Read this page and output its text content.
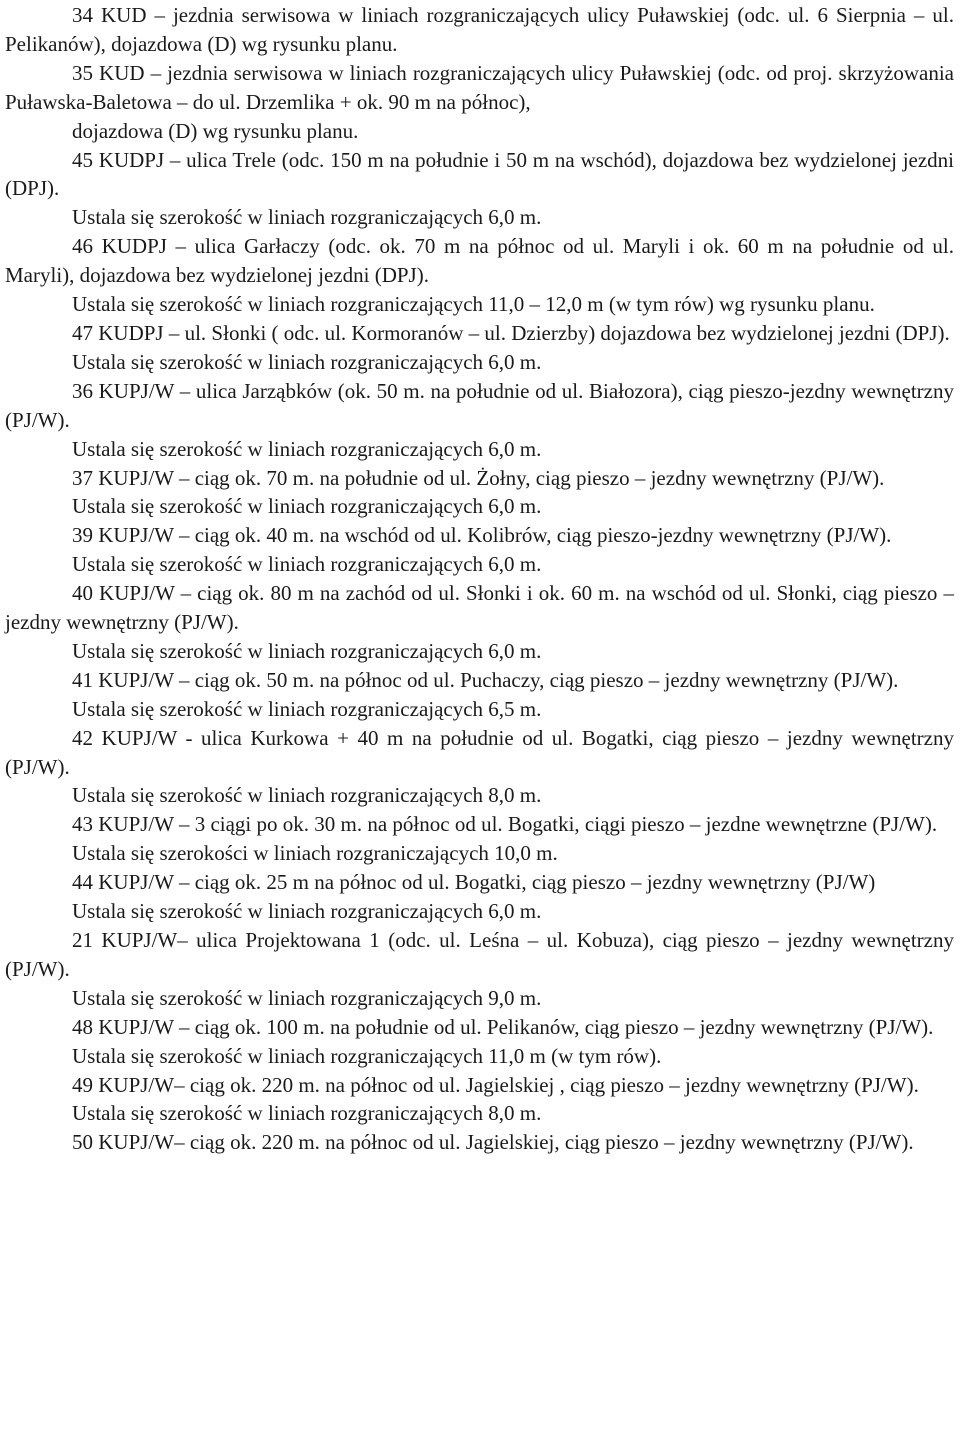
34 KUD – jezdnia serwisowa w liniach rozgraniczających ulicy Puławskiej (odc. ul. 6 Sierpnia – ul. Pelikanów), dojazdowa (D) wg rysunku planu.

35 KUD – jezdnia serwisowa w liniach rozgraniczających ulicy Puławskiej (odc. od proj. skrzyżowania Puławska-Baletowa – do ul. Drzemlika + ok. 90 m na północ),

dojazdowa (D) wg rysunku planu.

45 KUDPJ – ulica Trele (odc. 150 m na południe i 50 m na wschód), dojazdowa bez wydzielonej jezdni (DPJ).

Ustala się szerokość w liniach rozgraniczających 6,0 m.

46 KUDPJ – ulica Garłaczy (odc. ok. 70 m na północ od ul. Maryli i ok. 60 m na południe od ul. Maryli), dojazdowa bez wydzielonej jezdni (DPJ).

Ustala się szerokość w liniach rozgraniczających 11,0 – 12,0 m (w tym rów) wg rysunku planu.

47 KUDPJ – ul. Słonki ( odc. ul. Kormoranów – ul. Dzierzby) dojazdowa bez wydzielonej jezdni (DPJ).

Ustala się szerokość w liniach rozgraniczających 6,0 m.

36 KUPJ/W – ulica Jarząbków (ok. 50 m. na południe od ul. Białozora), ciąg pieszo-jezdny wewnętrzny (PJ/W).

Ustala się szerokość w liniach rozgraniczających 6,0 m.

37 KUPJ/W – ciąg ok. 70 m. na południe od ul. Żołny, ciąg pieszo – jezdny wewnętrzny (PJ/W).

Ustala się szerokość w liniach rozgraniczających 6,0 m.

39 KUPJ/W – ciąg ok. 40 m. na wschód od ul. Kolibrów, ciąg pieszo-jezdny wewnętrzny (PJ/W).

Ustala się szerokość w liniach rozgraniczających 6,0 m.

40 KUPJ/W – ciąg ok. 80 m na zachód od ul. Słonki i ok. 60 m. na wschód od ul. Słonki, ciąg pieszo – jezdny wewnętrzny (PJ/W).

Ustala się szerokość w liniach rozgraniczających 6,0 m.

41 KUPJ/W – ciąg ok. 50 m. na północ od ul. Puchaczy, ciąg pieszo – jezdny wewnętrzny (PJ/W).

Ustala się szerokość w liniach rozgraniczających 6,5 m.

42 KUPJ/W - ulica Kurkowa + 40 m na południe od ul. Bogatki, ciąg pieszo – jezdny wewnętrzny (PJ/W).

Ustala się szerokość w liniach rozgraniczających 8,0 m.

43 KUPJ/W – 3 ciągi po ok. 30 m. na północ od ul. Bogatki, ciągi pieszo – jezdne wewnętrzne (PJ/W).

Ustala się szerokości w liniach rozgraniczających 10,0 m.

44 KUPJ/W – ciąg ok. 25 m na północ od ul. Bogatki, ciąg pieszo – jezdny wewnętrzny (PJ/W)

Ustala się szerokość w liniach rozgraniczających 6,0 m.

21 KUPJ/W– ulica Projektowana 1 (odc. ul. Leśna – ul. Kobuza), ciąg pieszo – jezdny wewnętrzny (PJ/W).

Ustala się szerokość w liniach rozgraniczających 9,0 m.

48 KUPJ/W – ciąg ok. 100 m. na południe od ul. Pelikanów, ciąg pieszo – jezdny wewnętrzny (PJ/W).

Ustala się szerokość w liniach rozgraniczających 11,0 m (w tym rów).

49 KUPJ/W– ciąg ok. 220 m. na północ od ul. Jagielskiej , ciąg pieszo – jezdny wewnętrzny (PJ/W).

Ustala się szerokość w liniach rozgraniczających 8,0 m.

50 KUPJ/W– ciąg ok. 220 m. na północ od ul. Jagielskiej, ciąg pieszo – jezdny wewnętrzny (PJ/W).
